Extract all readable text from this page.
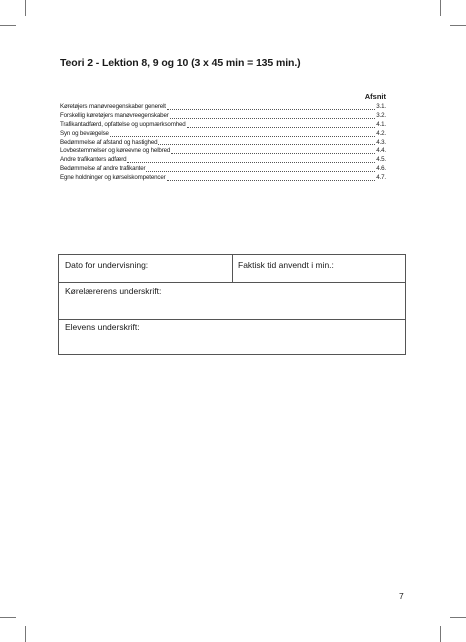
Teori 2 - Lektion 8, 9 og 10 (3 x 45 min = 135 min.)
Afsnit
Køretøjers manøvreegenskaber generelt	3.1.
Forskellig køretøjers manøvreegenskaber	3.2.
Trafikantadfærd, opfattelse og uopmærksomhed	4.1.
Syn og bevægelse	4.2.
Bedømmelse af afstand og hastighed	4.3.
Lovbestemmelser og køreevne og helbred	4.4.
Andre trafikanters adfærd	4.5.
Bedømmelse af andre trafikanter	4.6.
Egne holdninger og kørselskompetencer	4.7.
Dato for undervisning:	Faktisk tid anvendt i min.:
Kørelærerens underskrift:
Elevens underskrift:
7
